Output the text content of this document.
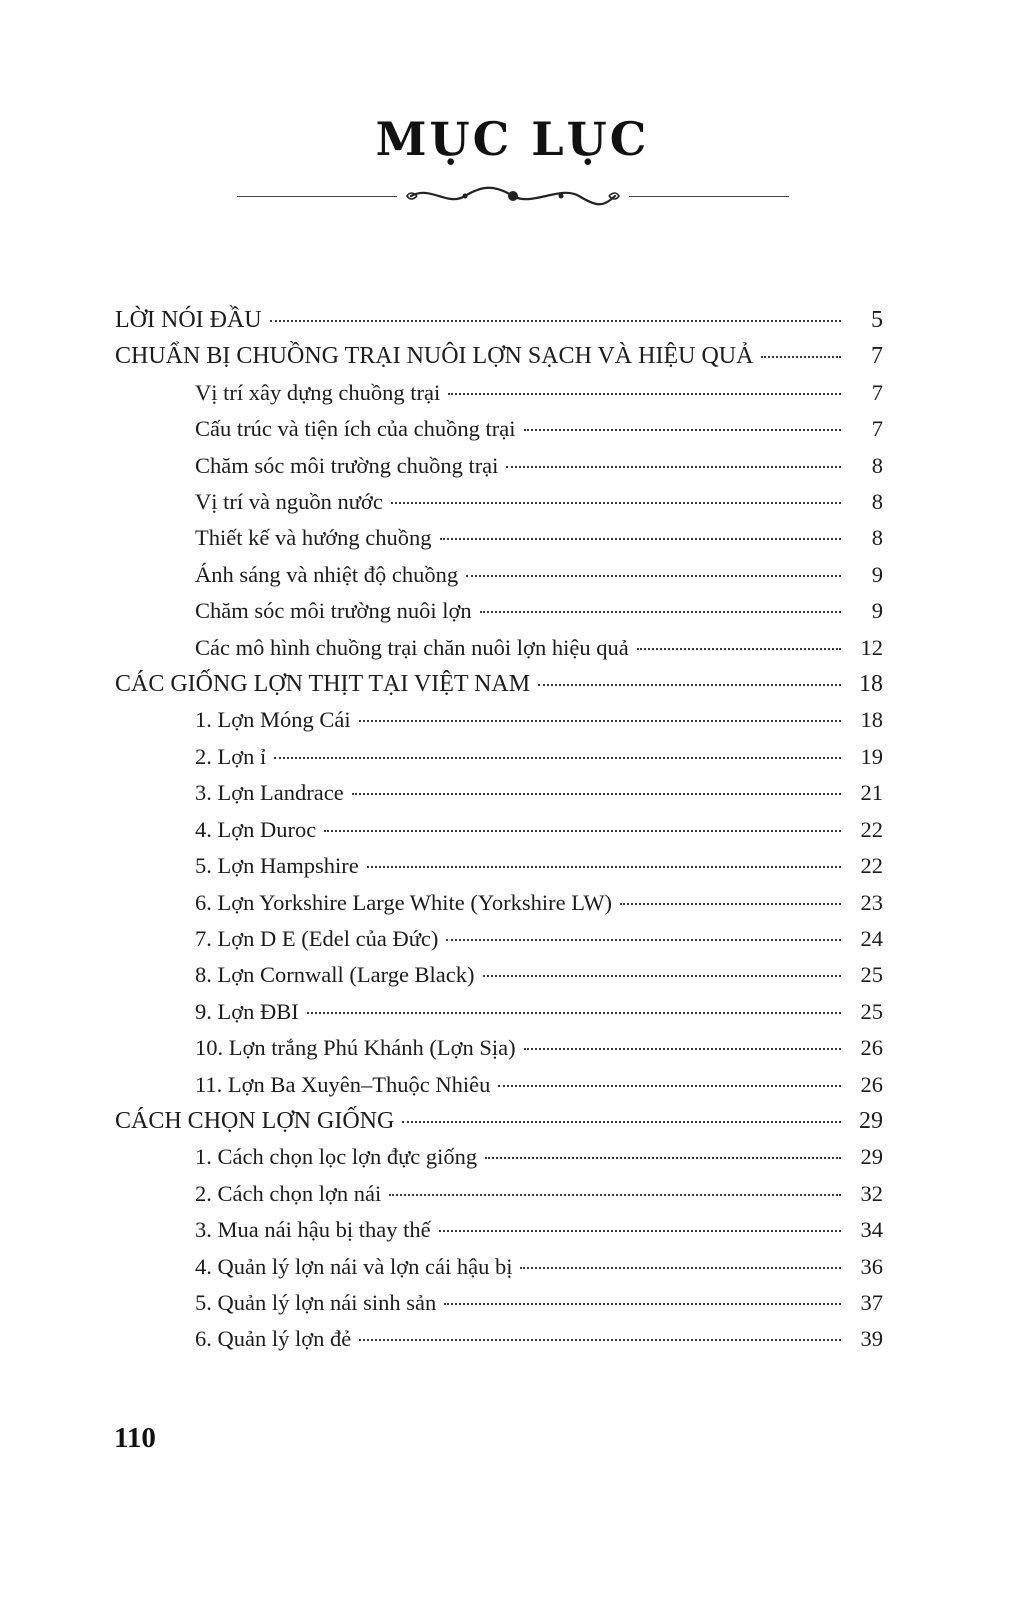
MỤC LỤC
LỜI NÓI ĐẦU	5
CHUẨN BỊ CHUỒNG TRẠI NUÔI LỢN SẠCH VÀ HIỆU QUẢ	7
Vị trí xây dựng chuồng trại	7
Cấu trúc và tiện ích của chuồng trại	7
Chăm sóc môi trường chuồng trại	8
Vị trí và nguồn nước	8
Thiết kế và hướng chuồng	8
Ánh sáng và nhiệt độ chuồng	9
Chăm sóc môi trường nuôi lợn	9
Các mô hình chuồng trại chăn nuôi lợn hiệu quả	12
CÁC GIỐNG LỢN THỊT TẠI VIỆT NAM	18
1. Lợn Móng Cái	18
2. Lợn ỉ	19
3. Lợn Landrace	21
4. Lợn Duroc	22
5. Lợn Hampshire	22
6. Lợn Yorkshire Large White (Yorkshire LW)	23
7. Lợn D E (Edel của Đức)	24
8. Lợn Cornwall (Large Black)	25
9. Lợn ĐBI	25
10. Lợn trắng Phú Khánh (Lợn Sịa)	26
11. Lợn Ba Xuyên–Thuộc Nhiêu	26
CÁCH CHỌN LỢN GIỐNG	29
1. Cách chọn lọc lợn đực giống	29
2. Cách chọn lợn nái	32
3. Mua nái hậu bị thay thế	34
4. Quản lý lợn nái và lợn cái hậu bị	36
5. Quản lý lợn nái sinh sản	37
6. Quản lý lợn đẻ	39
110
